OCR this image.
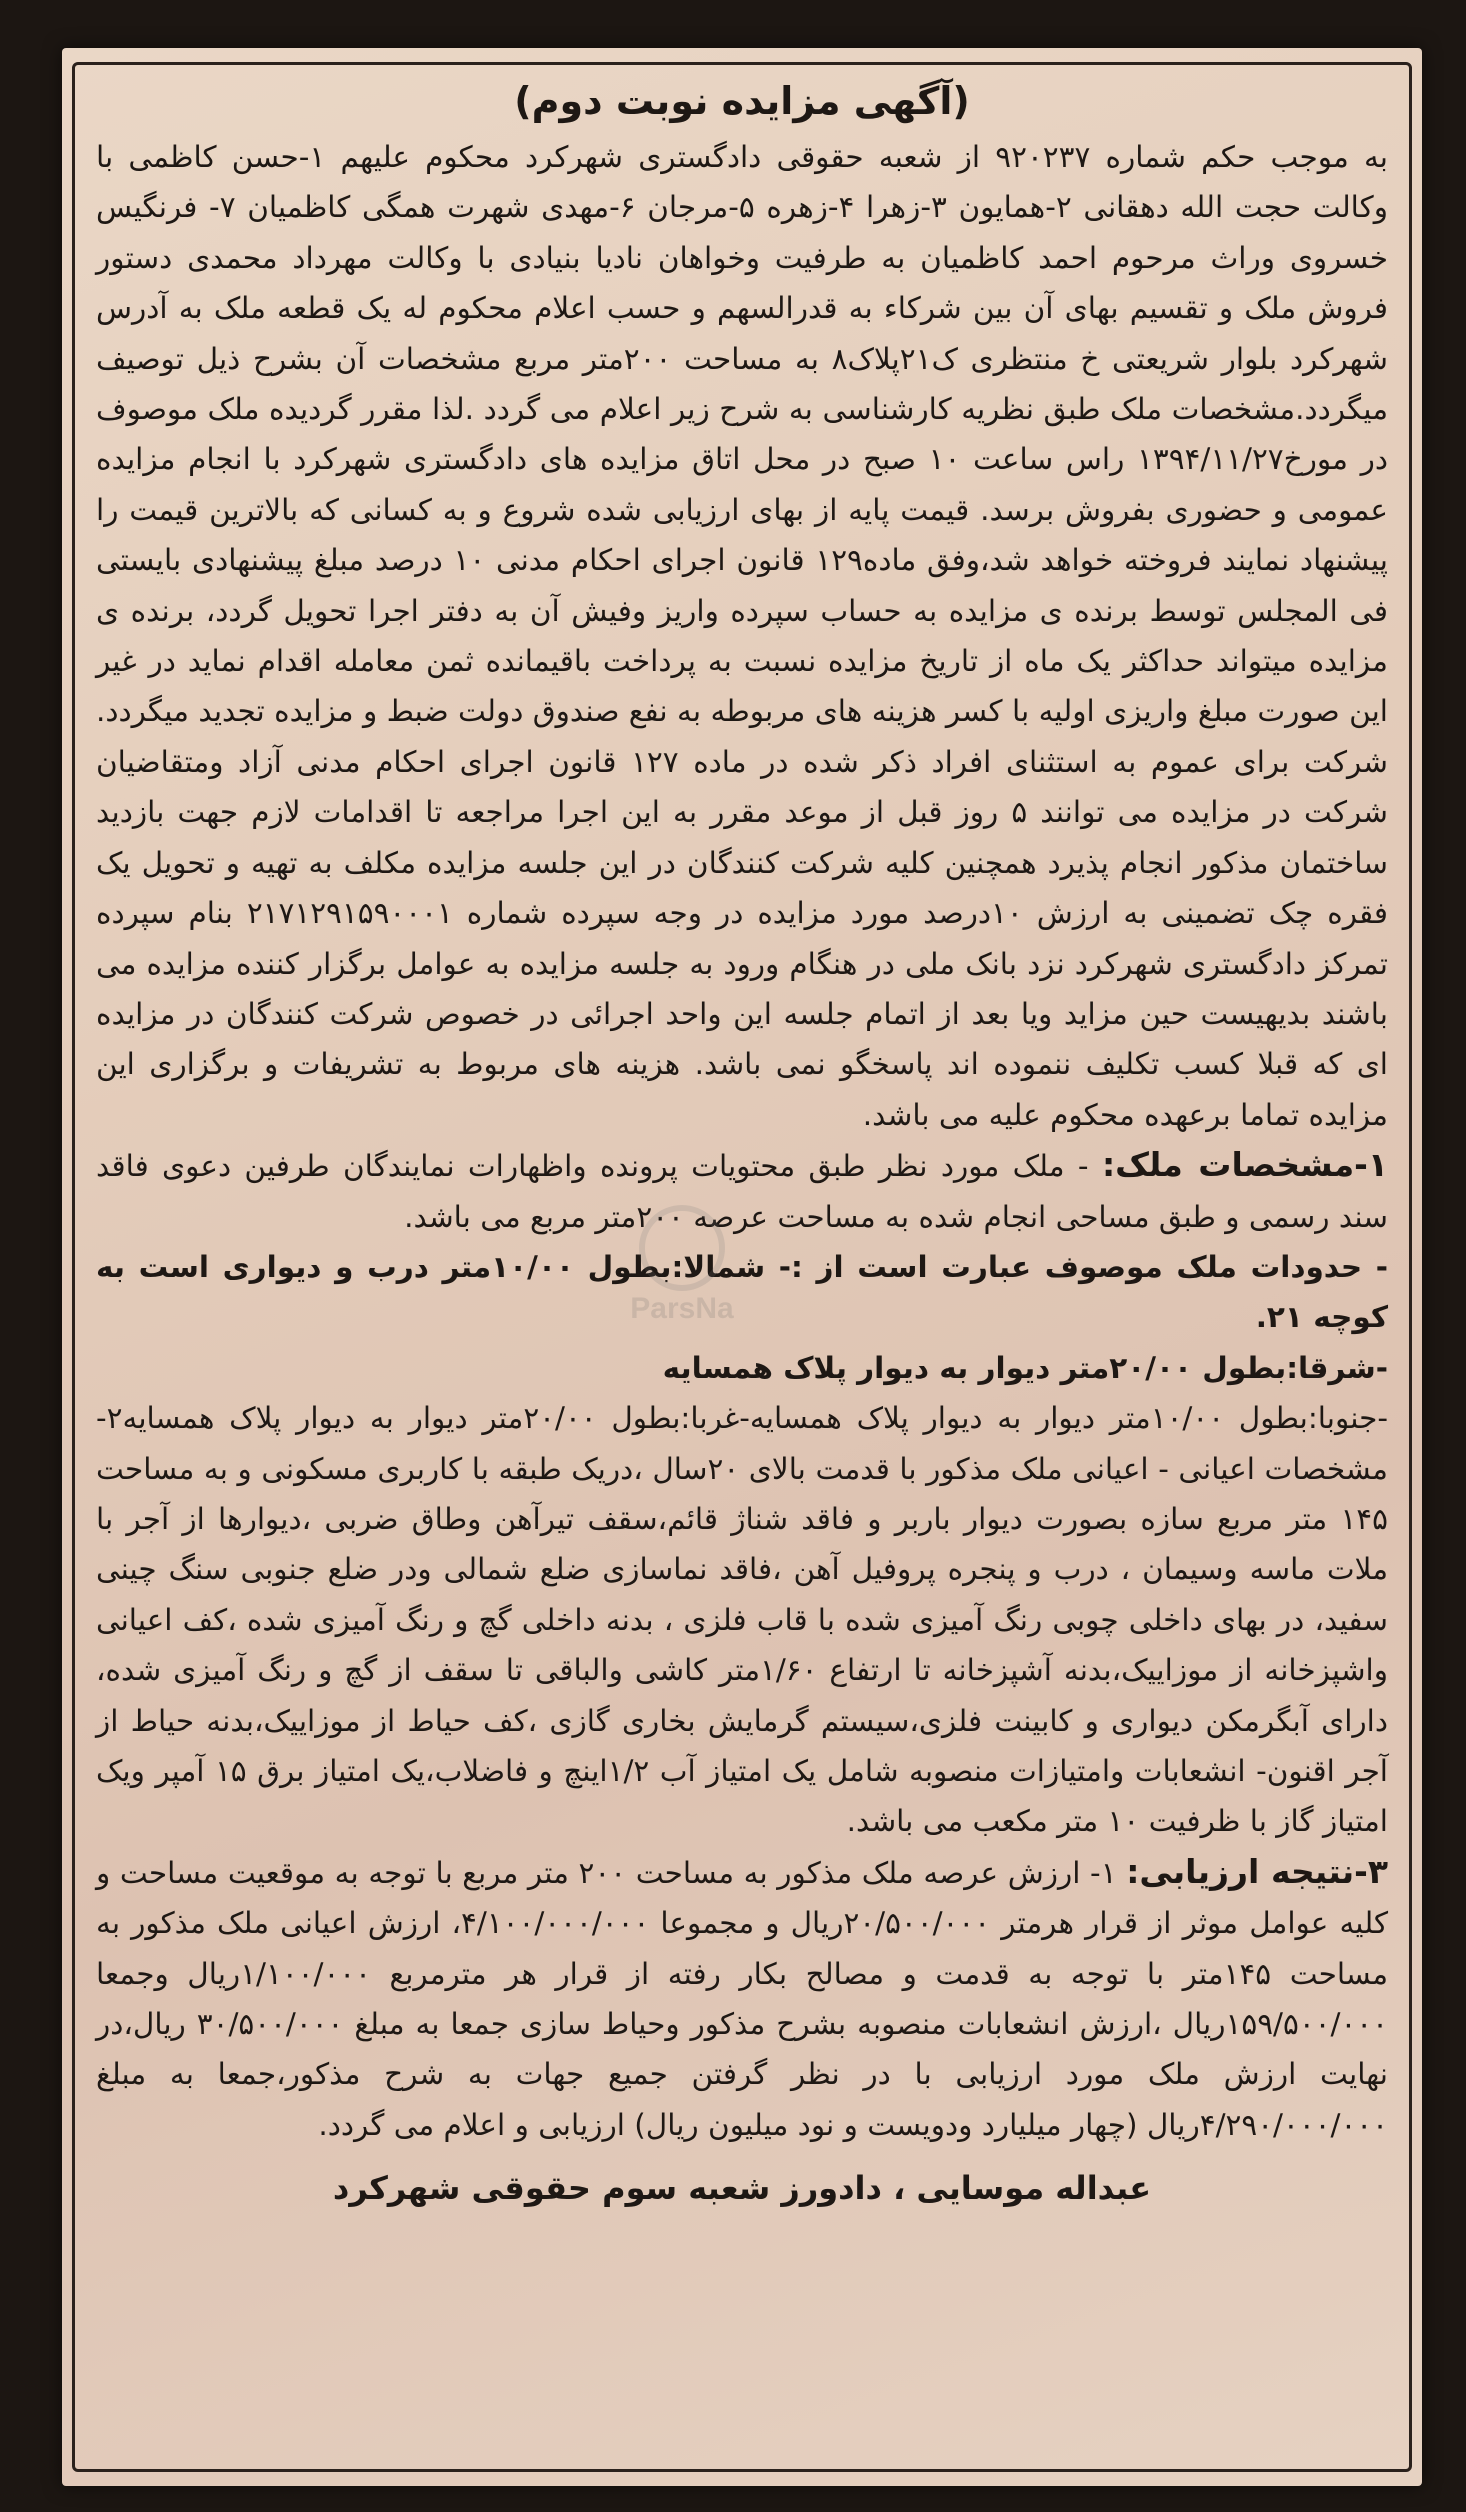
(آگهی مزایده نوبت دوم)

به موجب حکم شماره ۹۲۰۲۳۷ از شعبه حقوقی دادگستری شهرکرد محکوم علیهم ۱-حسن کاظمی با وکالت حجت الله دهقانی ۲-همایون ۳-زهرا ۴-زهره ۵-مرجان ۶-مهدی شهرت همگی کاظمیان ۷- فرنگیس خسروی وراث مرحوم احمد کاظمیان به طرفیت وخواهان نادیا بنیادی با وکالت مهرداد محمدی دستور فروش ملک و تقسیم بهای آن بین شرکاء به قدرالسهم و حسب اعلام محکوم له یک قطعه ملک به آدرس شهرکرد بلوار شریعتی خ منتظری ک۲۱پلاک۸ به مساحت ۲۰۰متر مربع مشخصات آن بشرح ذیل توصیف میگردد.مشخصات ملک طبق نظریه کارشناسی به شرح زیر اعلام می گردد .لذا مقرر گردیده ملک موصوف در مورخ۱۳۹۴/۱۱/۲۷ راس ساعت ۱۰ صبح در محل اتاق مزایده های دادگستری شهرکرد با انجام مزایده عمومی و حضوری بفروش برسد. قیمت پایه از بهای ارزیابی شده شروع و به کسانی که بالاترین قیمت را پیشنهاد نمایند فروخته خواهد شد،وفق ماده۱۲۹ قانون اجرای احکام مدنی ۱۰ درصد مبلغ پیشنهادی بایستی فی المجلس توسط برنده ی مزایده به حساب سپرده واریز وفیش آن به دفتر اجرا تحویل گردد، برنده ی مزایده میتواند حداکثر یک ماه از تاریخ مزایده نسبت به پرداخت باقیمانده ثمن معامله اقدام نماید در غیر این صورت مبلغ واریزی اولیه با کسر هزینه های مربوطه به نفع صندوق دولت ضبط و مزایده تجدید میگردد. شرکت برای عموم به استثنای افراد ذکر شده در ماده ۱۲۷ قانون اجرای احکام مدنی آزاد ومتقاضیان شرکت در مزایده می توانند ۵ روز قبل از موعد مقرر به این اجرا مراجعه تا اقدامات لازم جهت بازدید ساختمان مذکور انجام پذیرد همچنین کلیه شرکت کنندگان در این جلسه مزایده مکلف به تهیه و تحویل یک فقره چک تضمینی به ارزش ۱۰درصد مورد مزایده در وجه سپرده شماره ۲۱۷۱۲۹۱۵۹۰۰۰۱ بنام سپرده تمرکز دادگستری شهرکرد نزد بانک ملی در هنگام ورود به جلسه مزایده به عوامل برگزار کننده مزایده می باشند بدیهیست حین مزاید ویا بعد از اتمام جلسه این واحد اجرائی در خصوص شرکت کنندگان در مزایده ای که قبلا کسب تکلیف ننموده اند پاسخگو نمی باشد. هزینه های مربوط به تشریفات و برگزاری این مزایده تماما برعهده محکوم علیه می باشد.

۱-مشخصات ملک: - ملک مورد نظر طبق محتویات پرونده واظهارات نمایندگان طرفین دعوی فاقد سند رسمی و طبق مساحی انجام شده به مساحت عرصه ۲۰۰متر مربع می باشد.

- حدودات ملک موصوف عبارت است از :- شمالا:بطول ۱۰/۰۰متر درب و دیواری است به کوچه ۲۱.

-شرقا:بطول ۲۰/۰۰متر دیوار به دیوار پلاک همسایه

-جنوبا:بطول ۱۰/۰۰متر دیوار به دیوار پلاک همسایه-غربا:بطول ۲۰/۰۰متر دیوار به دیوار پلاک همسایه۲-مشخصات اعیانی - اعیانی ملک مذکور با قدمت بالای ۲۰سال ،دریک طبقه با کاربری مسکونی و به مساحت ۱۴۵ متر مربع سازه بصورت دیوار باربر و فاقد شناژ قائم،سقف تیرآهن وطاق ضربی ،دیوارها از آجر با ملات ماسه وسیمان ، درب و پنجره پروفیل آهن ،فاقد نماسازی ضلع شمالی ودر ضلع جنوبی سنگ چینی سفید، در بهای داخلی چوبی رنگ آمیزی شده با قاب فلزی ، بدنه داخلی گچ و رنگ آمیزی شده ،کف اعیانی واشپزخانه از موزاییک،بدنه آشپزخانه تا ارتفاع ۱/۶۰متر کاشی والباقی تا سقف از گچ و رنگ آمیزی شده، دارای آبگرمکن دیواری و کابینت فلزی،سیستم گرمایش بخاری گازی ،کف حیاط از موزاییک،بدنه حیاط از آجر اقنون- انشعابات وامتیازات منصوبه شامل یک امتیاز آب ۱/۲اینچ و فاضلاب،یک امتیاز برق ۱۵ آمپر ویک امتیاز گاز با ظرفیت ۱۰ متر مکعب می باشد.

۳-نتیجه ارزیابی: ۱- ارزش عرصه ملک مذکور به مساحت ۲۰۰ متر مربع با توجه به موقعیت مساحت و کلیه عوامل موثر از قرار هرمتر ۲۰/۵۰۰/۰۰۰ریال و مجموعا ۴/۱۰۰/۰۰۰/۰۰۰، ارزش اعیانی ملک مذکور به مساحت ۱۴۵متر با توجه به قدمت و مصالح بکار رفته از قرار هر مترمربع ۱/۱۰۰/۰۰۰ریال وجمعا ۱۵۹/۵۰۰/۰۰۰ریال ،ارزش انشعابات منصوبه بشرح مذکور وحیاط سازی جمعا به مبلغ ۳۰/۵۰۰/۰۰۰ ریال،در نهایت ارزش ملک مورد ارزیابی با در نظر گرفتن جمیع جهات به شرح مذکور،جمعا به مبلغ ۴/۲۹۰/۰۰۰/۰۰۰ریال (چهار میلیارد ودویست و نود میلیون ریال) ارزیابی و اعلام می گردد.

عبداله موسایی ، دادورز شعبه سوم حقوقی شهرکرد

ParsNa
